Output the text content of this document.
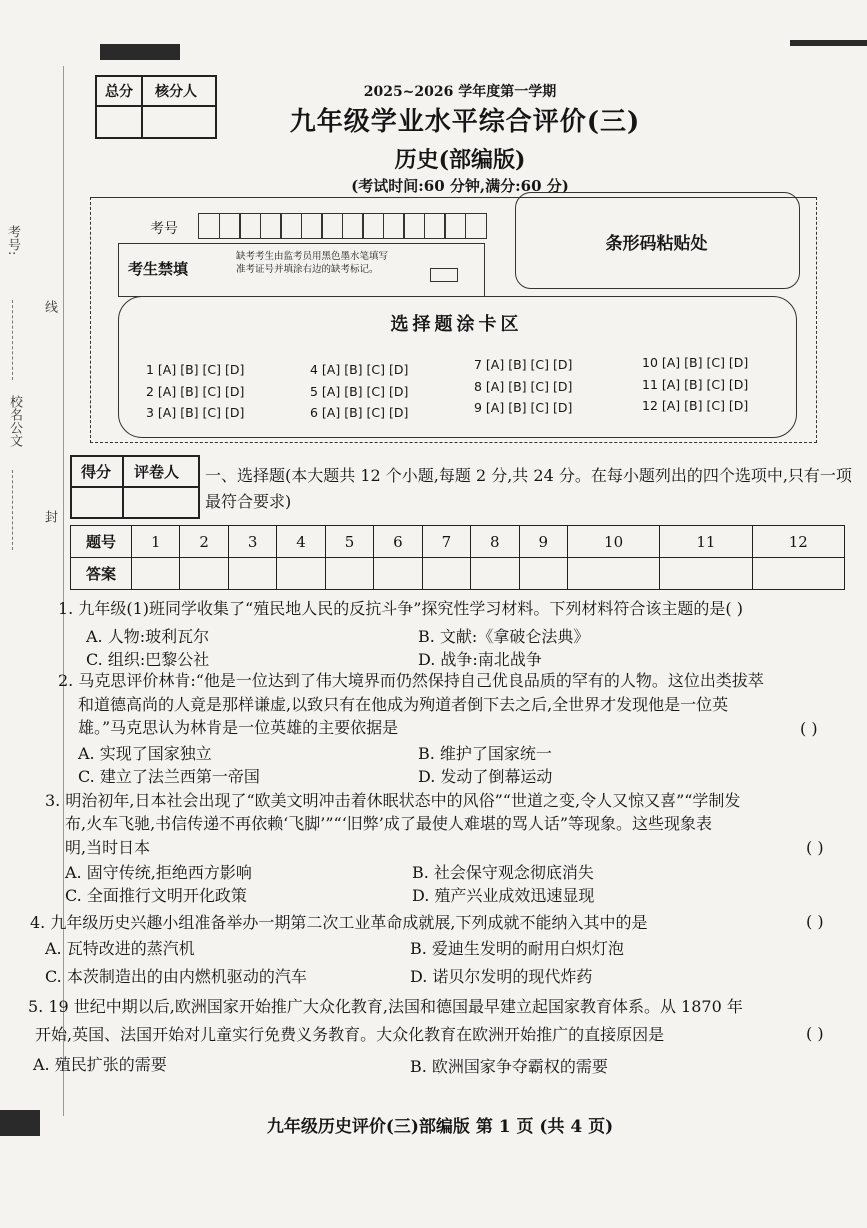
考号:
校名公文
线
封
总分 核分人	2025~2026 学年度第一学期
九年级学业水平综合评价(三)
历史(部编版)
(考试时间:60 分钟,满分:60 分)
考号
考生禁填
缺考考生由监考员用黑色墨水笔填写准考证号并填涂右边的缺考标记。
条形码粘贴处
选择题涂卡区
1 [A] [B] [C] [D]
2 [A] [B] [C] [D]
3 [A] [B] [C] [D]
4 [A] [B] [C] [D]
5 [A] [B] [C] [D]
6 [A] [B] [C] [D]
7 [A] [B] [C] [D]
8 [A] [B] [C] [D]
9 [A] [B] [C] [D]
10 [A] [B] [C] [D]
11 [A] [B] [C] [D]
12 [A] [B] [C] [D]
得分 评卷人 一、选择题(本大题共 12 个小题,每题 2 分,共 24 分。在每小题列出的四个选项中,只有一项最符合要求)
题号	1	2	3	4	5	6	7	8	9	10	11	12
答案												
1. 九年级(1)班同学收集了“殖民地人民的反抗斗争”探究性学习材料。下列材料符合该主题的是( )
A. 人物:玻利瓦尔	B. 文献:《拿破仑法典》
C. 组织:巴黎公社	D. 战争:南北战争
2. 马克思评价林肯:“他是一位达到了伟大境界而仍然保持自己优良品质的罕有的人物。这位出类拔萃
和道德高尚的人竟是那样谦虚,以致只有在他成为殉道者倒下去之后,全世界才发现他是一位英
雄。”马克思认为林肯是一位英雄的主要依据是	( )
A. 实现了国家独立	B. 维护了国家统一
C. 建立了法兰西第一帝国	D. 发动了倒幕运动
3. 明治初年,日本社会出现了“欧美文明冲击着休眠状态中的风俗”“世道之变,令人又惊又喜”“学制发
布,火车飞驰,书信传递不再依赖‘飞脚’”“‘旧弊’成了最使人难堪的骂人话”等现象。这些现象表
明,当时日本	( )
A. 固守传统,拒绝西方影响	B. 社会保守观念彻底消失
C. 全面推行文明开化政策	D. 殖产兴业成效迅速显现
4. 九年级历史兴趣小组准备举办一期第二次工业革命成就展,下列成就不能纳入其中的是	( )
A. 瓦特改进的蒸汽机	B. 爱迪生发明的耐用白炽灯泡
C. 本茨制造出的由内燃机驱动的汽车	D. 诺贝尔发明的现代炸药
5. 19 世纪中期以后,欧洲国家开始推广大众化教育,法国和德国最早建立起国家教育体系。从 1870 年
开始,英国、法国开始对儿童实行免费义务教育。大众化教育在欧洲开始推广的直接原因是	( )
A. 殖民扩张的需要	B. 欧洲国家争夺霸权的需要
九年级历史评价(三)部编版 第 1 页 (共 4 页)
